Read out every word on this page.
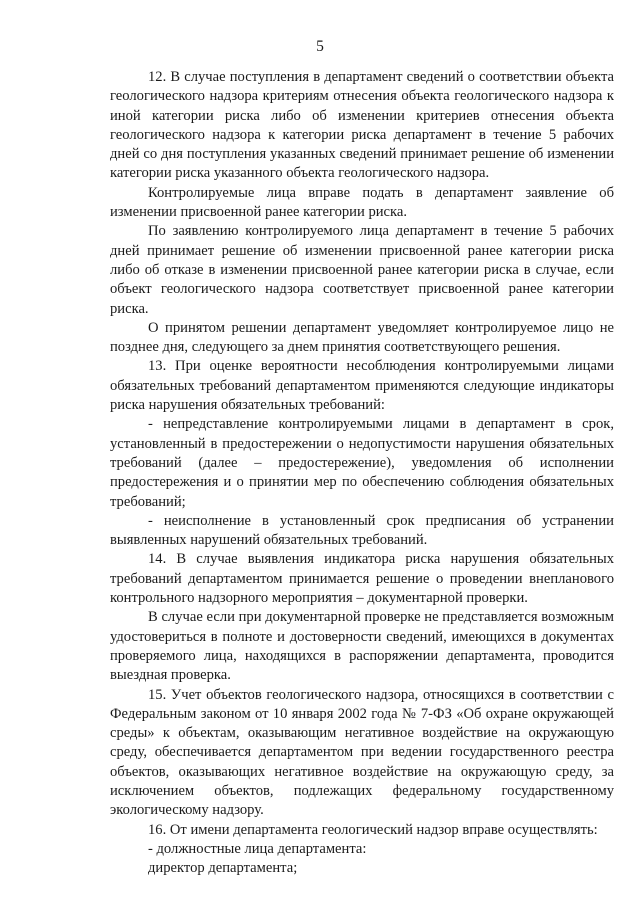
5

12. В случае поступления в департамент сведений о соответствии объекта геологического надзора критериям отнесения объекта геологического надзора к иной категории риска либо об изменении критериев отнесения объекта геологического надзора к категории риска департамент в течение 5 рабочих дней со дня поступления указанных сведений принимает решение об изменении категории риска указанного объекта геологического надзора.

Контролируемые лица вправе подать в департамент заявление об изменении присвоенной ранее категории риска.

По заявлению контролируемого лица департамент в течение 5 рабочих дней принимает решение об изменении присвоенной ранее категории риска либо об отказе в изменении присвоенной ранее категории риска в случае, если объект геологического надзора соответствует присвоенной ранее категории риска.

О принятом решении департамент уведомляет контролируемое лицо не позднее дня, следующего за днем принятия соответствующего решения.

13. При оценке вероятности несоблюдения контролируемыми лицами обязательных требований департаментом применяются следующие индикаторы риска нарушения обязательных требований:

- непредставление контролируемыми лицами в департамент в срок, установленный в предостережении о недопустимости нарушения обязательных требований (далее – предостережение), уведомления об исполнении предостережения и о принятии мер по обеспечению соблюдения обязательных требований;

- неисполнение в установленный срок предписания об устранении выявленных нарушений обязательных требований.

14. В случае выявления индикатора риска нарушения обязательных требований департаментом принимается решение о проведении внепланового контрольного надзорного мероприятия – документарной проверки.

В случае если при документарной проверке не представляется возможным удостовериться в полноте и достоверности сведений, имеющихся в документах проверяемого лица, находящихся в распоряжении департамента, проводится выездная проверка.

15. Учет объектов геологического надзора, относящихся в соответствии с Федеральным законом от 10 января 2002 года № 7-ФЗ «Об охране окружающей среды» к объектам, оказывающим негативное воздействие на окружающую среду, обеспечивается департаментом при ведении государственного реестра объектов, оказывающих негативное воздействие на окружающую среду, за исключением объектов, подлежащих федеральному государственному экологическому надзору.

16. От имени департамента геологический надзор вправе осуществлять:

- должностные лица департамента:

директор департамента;
